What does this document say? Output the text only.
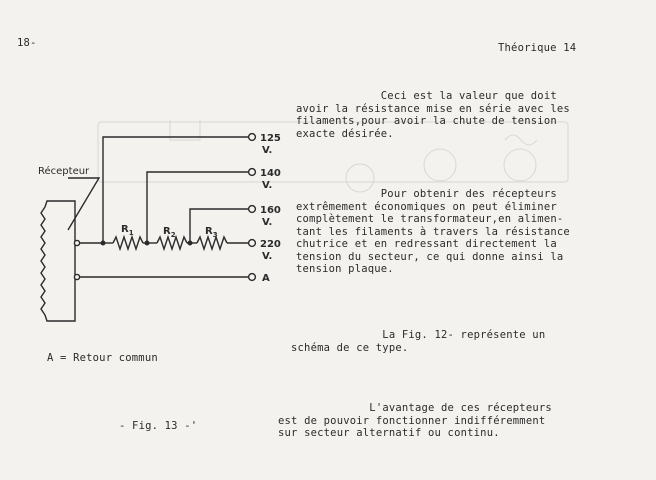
18-	Théorique 14
Récepteur
$R_1$	$R_2$	$R_3$
125
V.
140
V.
160
V.
220
V.
A
Ceci est la valeur que doit
avoir la résistance mise en série avec les
filaments,pour avoir la chute de tension
exacte désirée.
Pour obtenir des récepteurs
extrêmement économiques on peut éliminer
complètement le transformateur,en alimen-
tant les filaments à travers la résistance
chutrice et en redressant directement la
tension du secteur, ce qui donne ainsi la
tension plaque.
La Fig. 12- représente un
schéma de ce type.
L'avantage de ces récepteurs
est de pouvoir fonctionner indifféremment
sur secteur alternatif ou continu.
A = Retour commun
- Fig. 13 -'
